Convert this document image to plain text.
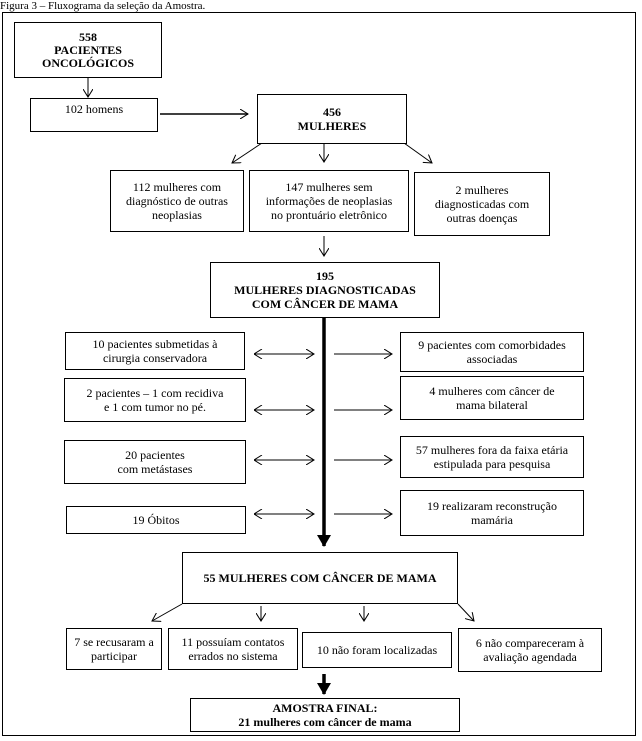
Figura 3 – Fluxograma da seleção da Amostra.
558
PACIENTES
ONCOLÓGICOS
102 homens	456
MULHERES
112 mulheres com
diagnóstico de outras
neoplasias
147 mulheres sem
informações de neoplasias
no prontuário eletrônico
2 mulheres
diagnosticadas com
outras doenças
195
MULHERES DIAGNOSTICADAS
COM CÂNCER DE MAMA
10 pacientes submetidas à
cirurgia conservadora
2 pacientes – 1 com recidiva
e 1 com tumor no pé.
20 pacientes
com metástases
19 Óbitos
9 pacientes com comorbidades
associadas
4 mulheres com câncer de
mama bilateral
57 mulheres fora da faixa etária
estipulada para pesquisa
19 realizaram reconstrução
mamária
55 MULHERES COM CÂNCER DE MAMA
7 se recusaram a
participar
11 possuíam contatos
errados no sistema	10 não foram localizadas	6 não compareceram à
avaliação agendada
AMOSTRA FINAL:
21 mulheres com câncer de mama
